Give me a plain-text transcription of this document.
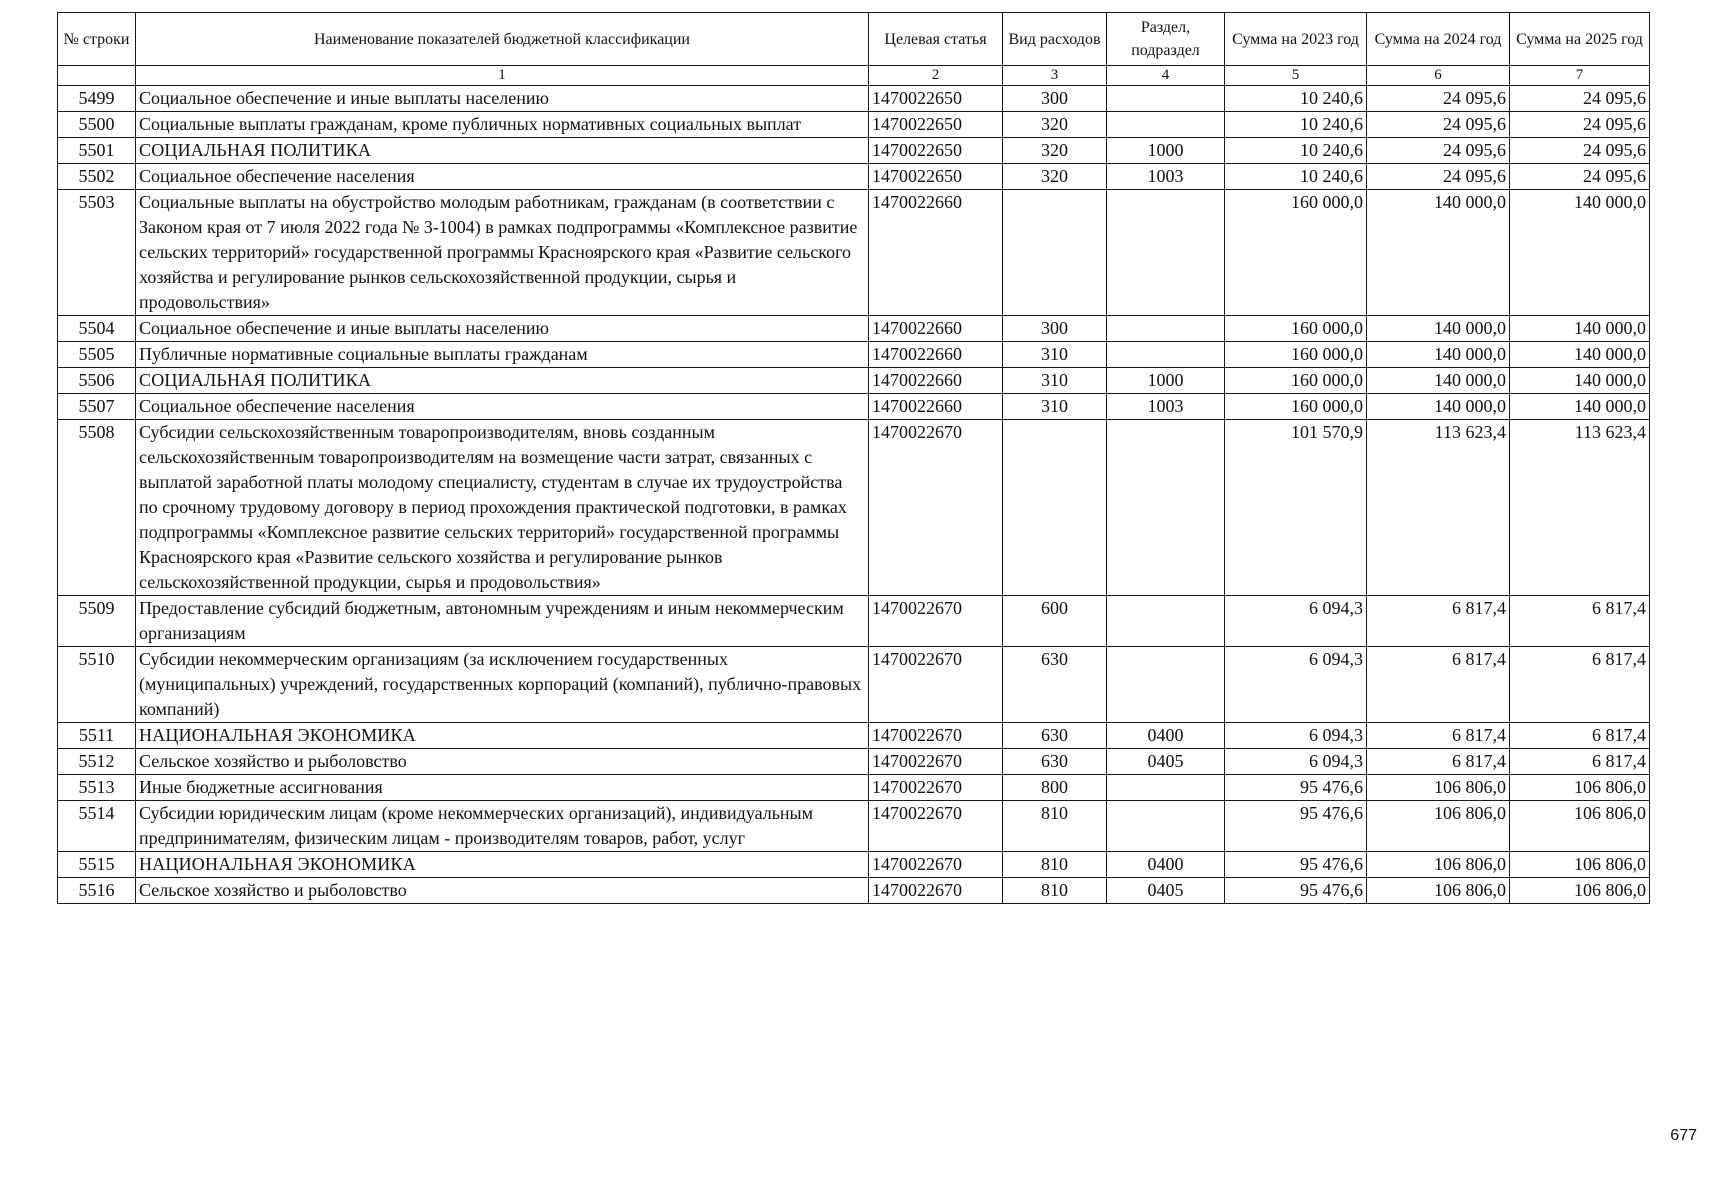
№ строки	Наименование показателей бюджетной классификации	Целевая статья	Вид расходов	Раздел, подраздел	Сумма на 2023 год	Сумма на 2024 год	Сумма на 2025 год
	1	2	3	4	5	6	7
5499	Социальное обеспечение и иные выплаты населению	1470022650	300		10 240,6	24 095,6	24 095,6
5500	Социальные выплаты гражданам, кроме публичных нормативных социальных выплат	1470022650	320		10 240,6	24 095,6	24 095,6
5501	СОЦИАЛЬНАЯ ПОЛИТИКА	1470022650	320	1000	10 240,6	24 095,6	24 095,6
5502	Социальное обеспечение населения	1470022650	320	1003	10 240,6	24 095,6	24 095,6
5503	Социальные выплаты на обустройство молодым работникам, гражданам (в соответствии с Законом края от 7 июля 2022 года № 3-1004) в рамках подпрограммы «Комплексное развитие сельских территорий» государственной программы Красноярского края «Развитие сельского хозяйства и регулирование рынков сельскохозяйственной продукции, сырья и продовольствия»	1470022660			160 000,0	140 000,0	140 000,0
5504	Социальное обеспечение и иные выплаты населению	1470022660	300		160 000,0	140 000,0	140 000,0
5505	Публичные нормативные социальные выплаты гражданам	1470022660	310		160 000,0	140 000,0	140 000,0
5506	СОЦИАЛЬНАЯ ПОЛИТИКА	1470022660	310	1000	160 000,0	140 000,0	140 000,0
5507	Социальное обеспечение населения	1470022660	310	1003	160 000,0	140 000,0	140 000,0
5508	Субсидии сельскохозяйственным товаропроизводителям, вновь созданным сельскохозяйственным товаропроизводителям на возмещение части затрат, связанных с выплатой заработной платы молодому специалисту, студентам в случае их трудоустройства по срочному трудовому договору в период прохождения практической подготовки, в рамках подпрограммы «Комплексное развитие сельских территорий» государственной программы Красноярского края «Развитие сельского хозяйства и регулирование рынков сельскохозяйственной продукции, сырья и продовольствия»	1470022670			101 570,9	113 623,4	113 623,4
5509	Предоставление субсидий бюджетным, автономным учреждениям и иным некоммерческим организациям	1470022670	600		6 094,3	6 817,4	6 817,4
5510	Субсидии некоммерческим организациям (за исключением государственных (муниципальных) учреждений, государственных корпораций (компаний), публично-правовых компаний)	1470022670	630		6 094,3	6 817,4	6 817,4
5511	НАЦИОНАЛЬНАЯ ЭКОНОМИКА	1470022670	630	0400	6 094,3	6 817,4	6 817,4
5512	Сельское хозяйство и рыболовство	1470022670	630	0405	6 094,3	6 817,4	6 817,4
5513	Иные бюджетные ассигнования	1470022670	800		95 476,6	106 806,0	106 806,0
5514	Субсидии юридическим лицам (кроме некоммерческих организаций), индивидуальным предпринимателям, физическим лицам - производителям товаров, работ, услуг	1470022670	810		95 476,6	106 806,0	106 806,0
5515	НАЦИОНАЛЬНАЯ ЭКОНОМИКА	1470022670	810	0400	95 476,6	106 806,0	106 806,0
5516	Сельское хозяйство и рыболовство	1470022670	810	0405	95 476,6	106 806,0	106 806,0
677
